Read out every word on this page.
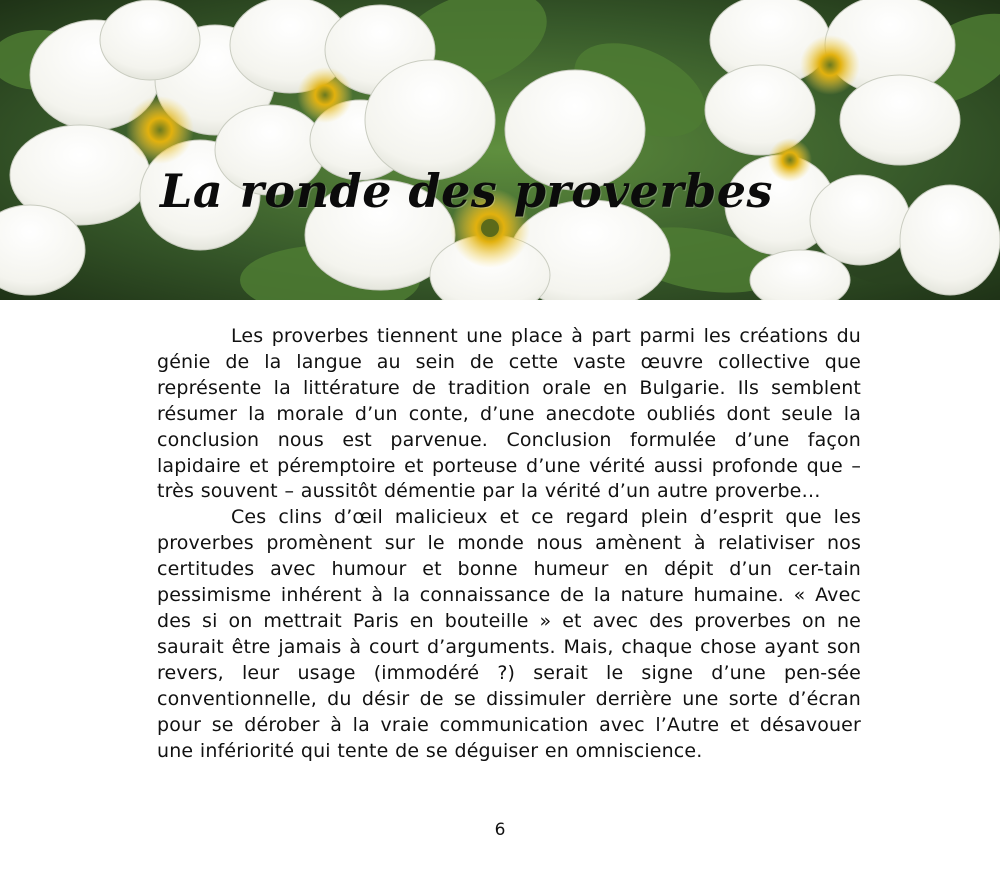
La ronde des proverbes

Les proverbes tiennent une place à part parmi les créations du génie de la langue au sein de cette vaste œuvre collective que représente la littérature de tradition orale en Bulgarie. Ils semblent résumer la morale d’un conte, d’une anecdote oubliés dont seule la conclusion nous est parvenue. Conclusion formulée d’une façon lapidaire et péremptoire et porteuse d’une vérité aussi profonde que – très souvent – aussitôt démentie par la vérité d’un autre proverbe…

Ces clins d’œil malicieux et ce regard plein d’esprit que les proverbes promènent sur le monde nous amènent à relativiser nos certitudes avec humour et bonne humeur en dépit d’un cer-tain pessimisme inhérent à la connaissance de la nature humaine. « Avec des si on mettrait Paris en bouteille » et avec des proverbes on ne saurait être jamais à court d’arguments. Mais, chaque chose ayant son revers, leur usage (immodéré ?) serait le signe d’une pen-sée conventionnelle, du désir de se dissimuler derrière une sorte d’écran pour se dérober à la vraie communication avec l’Autre et désavouer une infériorité qui tente de se déguiser en omniscience.

6
